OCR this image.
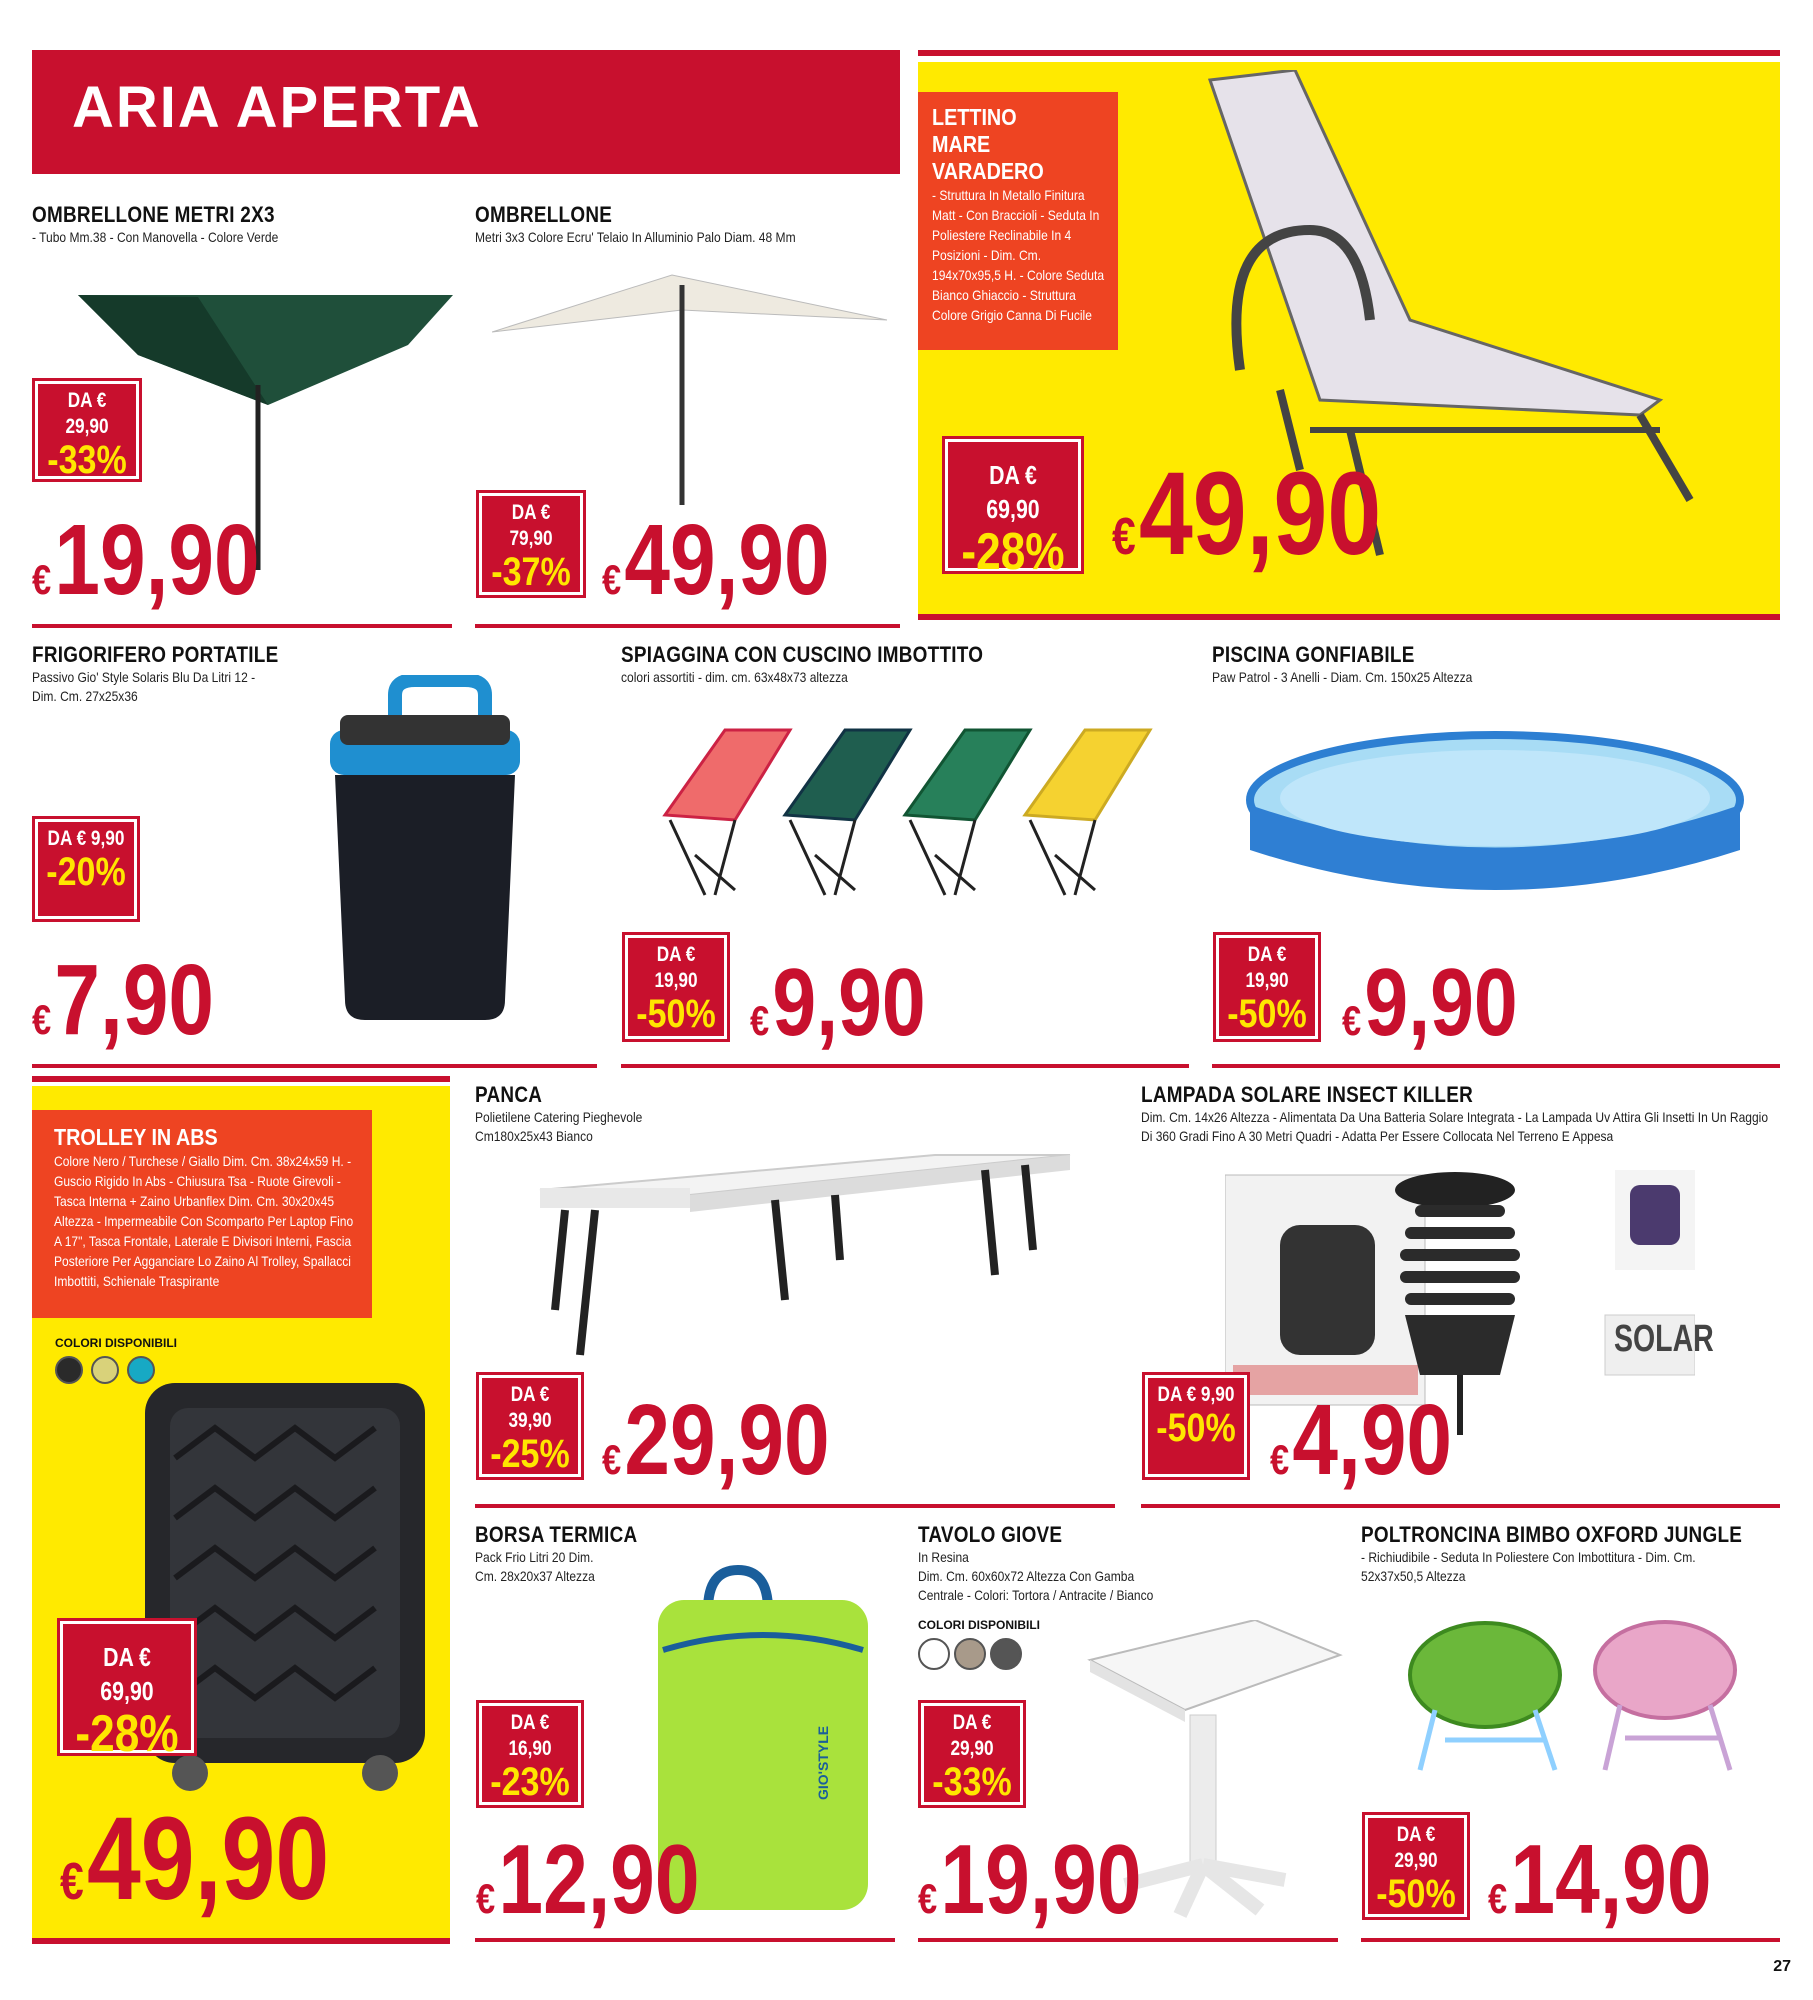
ARIA APERTA
OMBRELLONE METRI 2X3
- Tubo Mm.38 - Con Manovella - Colore Verde
DA € 29,90
-33%
€19,90
OMBRELLONE
Metri 3x3 Colore Ecru' Telaio In Alluminio Palo Diam. 48 Mm
DA € 79,90
-37% €49,90
LETTINO MARE
VARADERO
- Struttura In Metallo Finitura Matt - Con Braccioli - Seduta In Poliestere Reclinabile In 4 Posizioni - Dim. Cm. 194x70x95,5 H. - Colore Seduta Bianco Ghiaccio - Struttura Colore Grigio Canna Di Fucile
DA € 69,90
-28% €49,90
FRIGORIFERO PORTATILE
Passivo Gio' Style Solaris Blu Da Litri 12 - Dim. Cm. 27x25x36
DA € 9,90
-20%
€7,90
SPIAGGINA CON CUSCINO IMBOTTITO
colori assortiti - dim. cm. 63x48x73 altezza
DA € 19,90
-50% €9,90
PISCINA GONFIABILE
Paw Patrol - 3 Anelli - Diam. Cm. 150x25 Altezza
DA € 19,90
-50% €9,90
TROLLEY IN ABS
Colore Nero / Turchese / Giallo Dim. Cm. 38x24x59 H. - Guscio Rigido In Abs - Chiusura Tsa - Ruote Girevoli - Tasca Interna + Zaino Urbanflex Dim. Cm. 30x20x45 Altezza - Impermeabile Con Scomparto Per Laptop Fino A 17", Tasca Frontale, Laterale E Divisori Interni, Fascia Posteriore Per Agganciare Lo Zaino Al Trolley, Spallacci Imbottiti, Schienale Traspirante
COLORI DISPONIBILI
DA € 69,90
-28%
€49,90
PANCA
Polietilene Catering Pieghevole
Cm180x25x43 Bianco
DA € 39,90
-25% €29,90
LAMPADA SOLARE INSECT KILLER
Dim. Cm. 14x26 Altezza - Alimentata Da Una Batteria Solare Integrata - La Lampada Uv Attira Gli Insetti In Un Raggio Di 360 Gradi Fino A 30 Metri Quadri - Adatta Per Essere Collocata Nel Terreno E Appesa
SOLAR
DA € 9,90
-50%
€4,90
BORSA TERMICA
Pack Frio Litri 20 Dim.
Cm. 28x20x37 Altezza
GIO'STYLE
DA € 16,90
-23%
€12,90
TAVOLO GIOVE
In Resina
Dim. Cm. 60x60x72 Altezza Con Gamba
Centrale - Colori: Tortora / Antracite / Bianco
COLORI DISPONIBILI
DA € 29,90
-33%
€19,90
POLTRONCINA BIMBO OXFORD JUNGLE
- Richiudibile - Seduta In Poliestere Con Imbottitura - Dim. Cm.
52x37x50,5 Altezza
DA € 29,90
-50% €14,90
27
